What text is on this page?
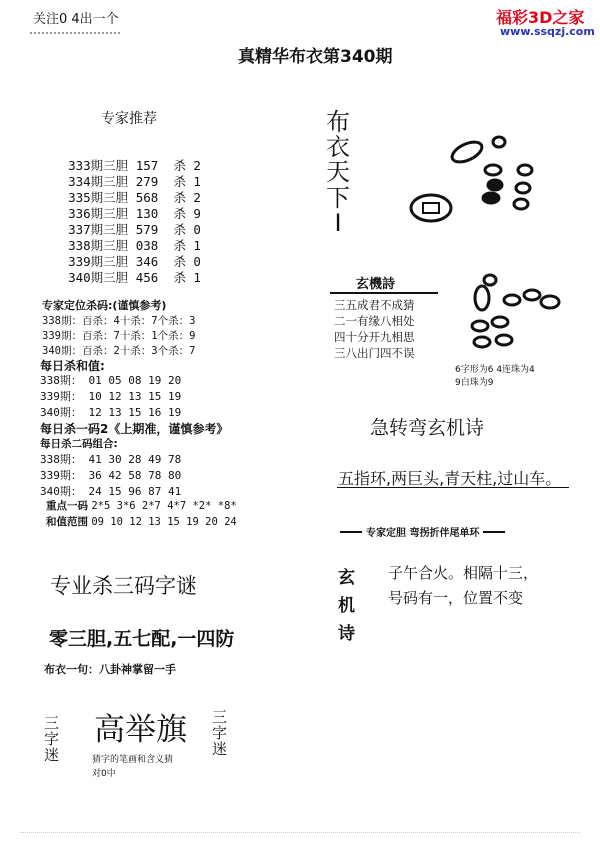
关注0 4出一个	福彩3D之家
www.ssqzj.com
真精华布衣第340期
专家推荐

333期三胆 157 杀 2

334期三胆 279 杀 1

335期三胆 568 杀 2

336期三胆 130 杀 9

337期三胆 579 杀 0

338期三胆 038 杀 1

339期三胆 346 杀 0

340期三胆 456 杀 1

专家定位杀码:(谨慎参考)
338期：百杀：4十杀：7个杀：3
339期：百杀：7十杀：1个杀：9
340期：百杀：2十杀：3个杀：7
每日杀和值:
338期： 01 05 08 19 20
339期： 10 12 13 15 19
340期： 12 13 15 16 19
每日杀一码2《上期准，谨慎参考》
每日杀二码组合:
338期： 41 30 28 49 78
339期： 36 42 58 78 80
340期： 24 15 96 87 41
重点一码 2*5 3*6 2*7 4*7 *2* *8*
和值范围 09 10 12 13 15 19 20 24
专业杀三码字谜
零三胆,五七配,一四防
布衣一句：八卦神掌留一手
三
字
迷
高举旗
猜字的笔画和含义猜
对0中
三
字
迷
布
衣
天
下
I
玄機詩
三五成君不成猜
二一有缘八相处
四十分开九相思
三八出门四不误
6字形为6 4连珠为4
9白珠为9
急转弯玄机诗
五指环,两巨头,青天柱,过山车。
专家定胆 弯拐折伴尾单环
玄
机
诗
子午合火。相隔十三，
号码有一，位置不变
